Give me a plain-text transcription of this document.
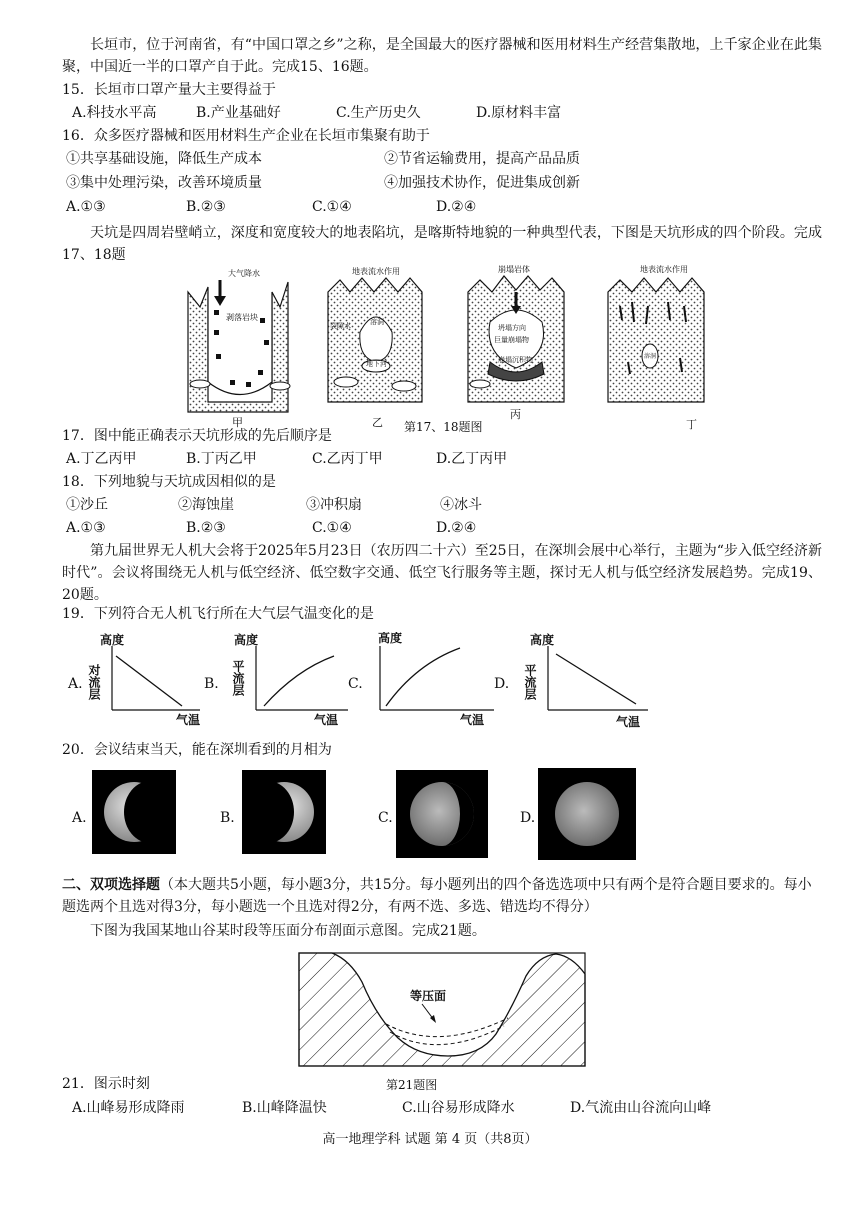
长垣市，位于河南省，有“中国口罩之乡”之称，是全国最大的医疗器械和医用材料生产经营集散地，上千家企业在此集聚，中国近一半的口罩产自于此。完成15、16题。
15．长垣市口罩产量大主要得益于
A.科技水平高	B.产业基础好	C.生产历史久	D.原材料丰富
16．众多医疗器械和医用材料生产企业在长垣市集聚有助于
①共享基础设施，降低生产成本	②节省运输费用，提高产品品质
③集中处理污染，改善环境质量	④加强技术协作，促进集成创新
A.①③	B.②③	C.①④	D.②④
天坑是四周岩壁峭立，深度和宽度较大的地表陷坑，是喀斯特地貌的一种典型代表，下图是天坑形成的四个阶段。完成17、18题
大气降水
剥落岩块
甲
地表流水作用
裂隙水	溶洞
地下河
乙
崩塌岩体
坍塌方向
巨量崩塌物
崩塌沉积物
丙
地表流水作用
溶洞
丁
第17、18题图
17．图中能正确表示天坑形成的先后顺序是
A.丁乙丙甲	B.丁丙乙甲	C.乙丙丁甲	D.乙丁丙甲
18．下列地貌与天坑成因相似的是
①沙丘	②海蚀崖	③冲积扇	④冰斗
A.①③	B.②③	C.①④	D.②④
第九届世界无人机大会将于2025年5月23日（农历四二十六）至25日，在深圳会展中心举行，主题为“步入低空经济新时代”。会议将围绕无人机与低空经济、低空数字交通、低空飞行服务等主题，探讨无人机与低空经济发展趋势。完成19、20题。
19．下列符合无人机飞行所在大气层气温变化的是
A.
高度
气温
对流层	B.
高度
气温
平流层	C.
高度
气温
D.
高度
气温
平流层
20．会议结束当天，能在深圳看到的月相为
A.	B.	C.	D.
二、双项选择题（本大题共5小题，每小题3分，共15分。每小题列出的四个备选选项中只有两个是符合题目要求的。每小题选两个且选对得3分，每小题选一个且选对得2分，有两不选、多选、错选均不得分）
下图为我国某地山谷某时段等压面分布剖面示意图。完成21题。
等压面
第21题图
21．图示时刻
A.山峰易形成降雨	B.山峰降温快	C.山谷易形成降水	D.气流由山谷流向山峰
高一地理学科 试题 第 4 页（共8页）
